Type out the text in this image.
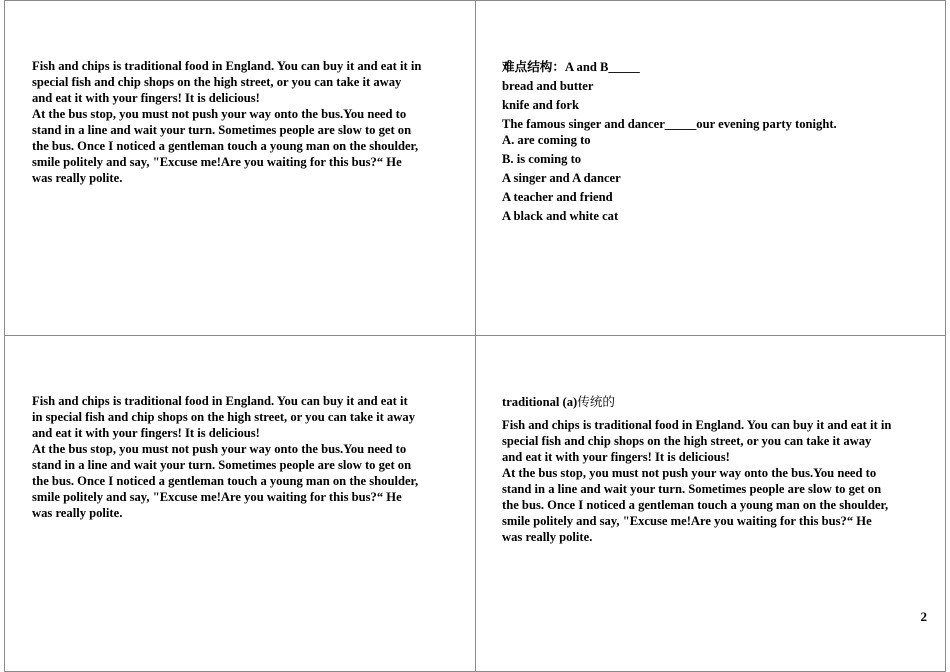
Fish and chips is traditional food in England. You can buy it and eat it in special fish and chip shops on the high street, or you can take it away and eat it with your fingers! It is delicious!

At the bus stop, you must not push your way onto the bus.You need to stand in a line and wait your turn. Sometimes people are slow to get on the bus. Once I noticed a gentleman touch a young man on the shoulder, smile politely and say, "Excuse me!Are you waiting for this bus?“ He was really polite.

难点结构：A and B_____
bread and butter
knife and fork
The famous singer and dancer_____our evening party tonight.
A. are coming to
B. is coming to
A singer and A dancer
A teacher and friend
A black and white cat

Fish and chips is traditional food in England. You can buy it and eat it in special fish and chip shops on the high street, or you can take it away and eat it with your fingers! It is delicious!

At the bus stop, you must not push your way onto the bus.You need to stand in a line and wait your turn. Sometimes people are slow to get on the bus. Once I noticed a gentleman touch a young man on the shoulder, smile politely and say, "Excuse me!Are you waiting for this bus?“ He was really polite.

traditional (a)传统的

Fish and chips is traditional food in England. You can buy it and eat it in special fish and chip shops on the high street, or you can take it away and eat it with your fingers! It is delicious!

At the bus stop, you must not push your way onto the bus.You need to stand in a line and wait your turn. Sometimes people are slow to get on the bus. Once I noticed a gentleman touch a young man on the shoulder, smile politely and say, "Excuse me!Are you waiting for this bus?“ He was really polite.

2
